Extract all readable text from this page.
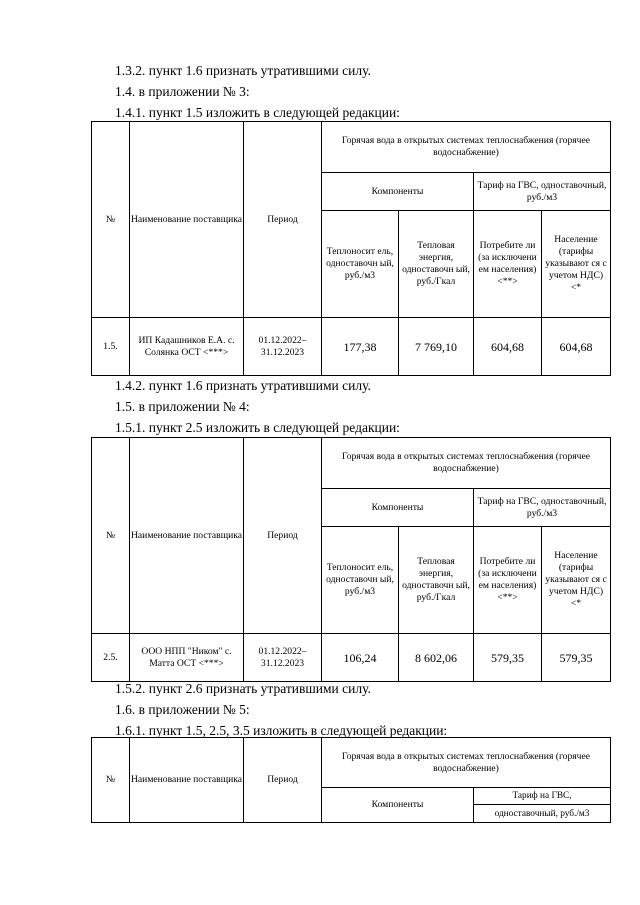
1.3.2. пункт 1.6 признать утратившими силу.
1.4. в приложении № 3:
1.4.1. пункт 1.5 изложить в следующей редакции:
№	Наименование поставщика	Период	Горячая вода в открытых системах теплоснабжения (горячее водоснабжение)			
			Компоненты		Тариф на ГВС, одноставочный, руб./м3	
			Теплоносит ель, одноставочн ый, руб./м3	Тепловая энергия, одноставочн ый, руб./Гкал	Потребите ли (за исключени ем населения) <**>	Население (тарифы указывают ся с учетом НДС) <*
1.5.	ИП Кадашников Е.А. с. Солянка ОСТ <***>	01.12.2022– 31.12.2023	177,38	7 769,10	604,68	604,68
1.4.2. пункт 1.6 признать утратившими силу.
1.5. в приложении № 4:
1.5.1. пункт 2.5 изложить в следующей редакции:
№	Наименование поставщика	Период	Горячая вода в открытых системах теплоснабжения (горячее водоснабжение)			
			Компоненты		Тариф на ГВС, одноставочный, руб./м3	
			Теплоносит ель, одноставочн ый, руб./м3	Тепловая энергия, одноставочн ый, руб./Гкал	Потребите ли (за исключени ем населения) <**>	Население (тарифы указывают ся с учетом НДС) <*
2.5.	ООО НПП "Ником" с. Матта ОСТ <***>	01.12.2022– 31.12.2023	106,24	8 602,06	579,35	579,35
1.5.2. пункт 2.6 признать утратившими силу.
1.6. в приложении № 5:
1.6.1. пункт 1.5, 2.5, 3.5 изложить в следующей редакции:
№	Наименование поставщика	Период	Горячая вода в открытых системах теплоснабжения (горячее водоснабжение)	
			Компоненты	Тариф на ГВС,
				одноставочный, руб./м3
